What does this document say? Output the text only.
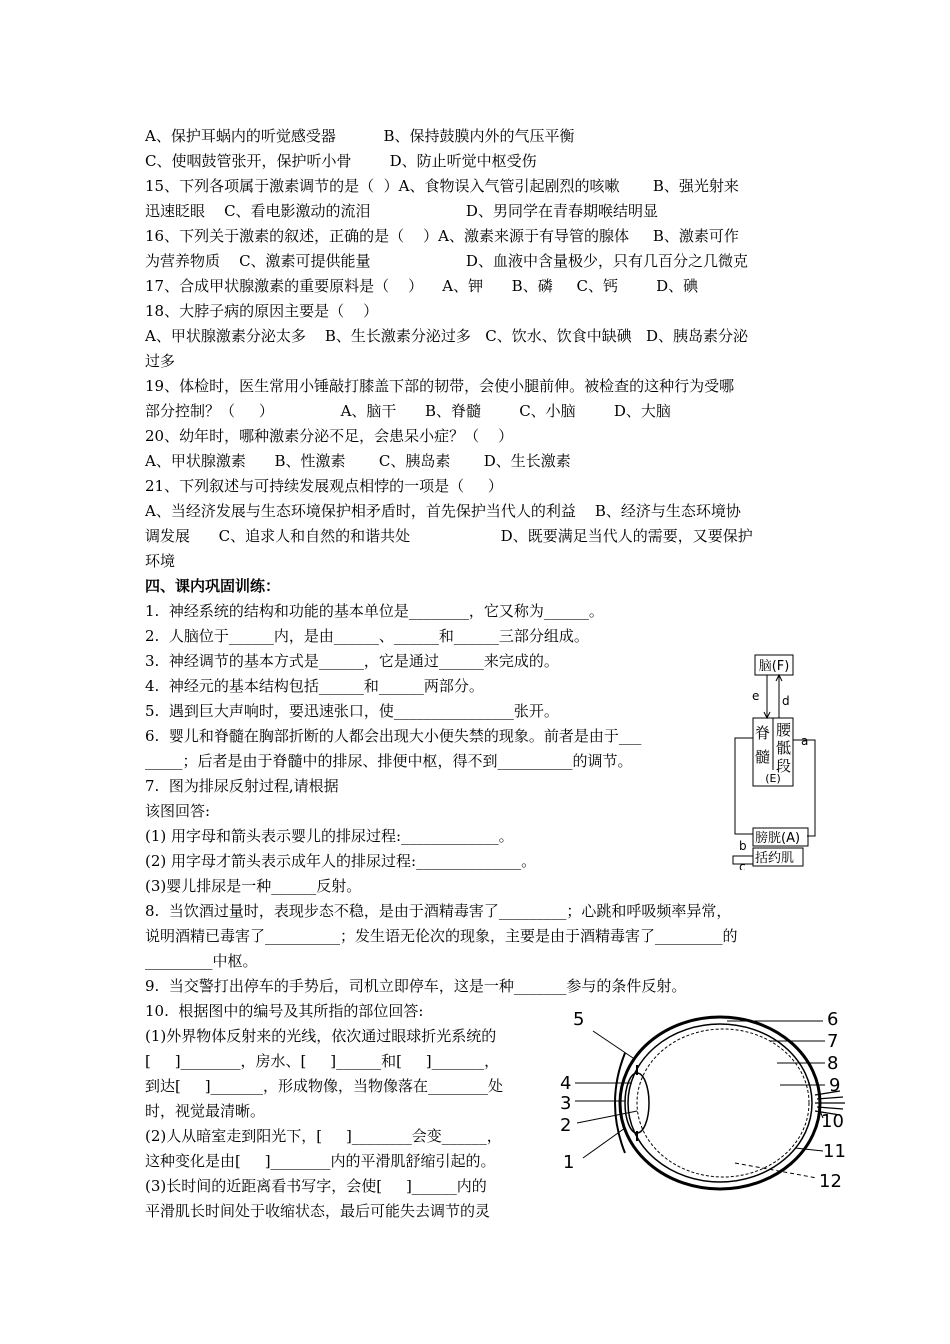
A、保护耳蜗内的听觉感受器          B、保持鼓膜内外的气压平衡
C、使咽鼓管张开，保护听小骨        D、防止听觉中枢受伤
15、下列各项属于激素调节的是（  ）A、食物误入气管引起剧烈的咳嗽       B、强光射来
迅速眨眼    C、看电影激动的流泪                    D、男同学在青春期喉结明显
16、下列关于激素的叙述，正确的是（    ）A、激素来源于有导管的腺体     B、激素可作
为营养物质    C、激素可提供能量                    D、血液中含量极少，只有几百分之几微克
17、合成甲状腺激素的重要原料是（    ）    A、钾      B、磷     C、钙        D、碘
18、大脖子病的原因主要是（    ）
A、甲状腺激素分泌太多    B、生长激素分泌过多   C、饮水、饮食中缺碘   D、胰岛素分泌
过多
19、体检时，医生常用小锤敲打膝盖下部的韧带，会使小腿前伸。被检查的这种行为受哪
部分控制？（     ）              A、脑干      B、脊髓        C、小脑        D、大脑
20、幼年时，哪种激素分泌不足，会患呆小症？（    ）
A、甲状腺激素      B、性激素       C、胰岛素       D、生长激素
21、下列叙述与可持续发展观点相悖的一项是（     ）
A、当经济发展与生态环境保护相矛盾时，首先保护当代人的利益    B、经济与生态环境协
调发展      C、追求人和自然的和谐共处                   D、既要满足当代人的需要，又要保护
环境
四、课内巩固训练：
1.  神经系统的结构和功能的基本单位是________，它又称为______。
2.  人脑位于______内，是由______、______和______三部分组成。
3.  神经调节的基本方式是______，它是通过______来完成的。
4.  神经元的基本结构包括______和______两部分。
5.  遇到巨大声响时，要迅速张口，使________________张开。
6.  婴儿和脊髓在胸部折断的人都会出现大小便失禁的现象。前者是由于___
_____；后者是由于脊髓中的排尿、排便中枢，得不到__________的调节。
7.  图为排尿反射过程,请根据
该图回答:
(1) 用字母和箭头表示婴儿的排尿过程:_____________。
(2) 用字母才箭头表示成年人的排尿过程:______________。
(3)婴儿排尿是一种______反射。
8.  当饮酒过量时，表现步态不稳，是由于酒精毒害了_________；心跳和呼吸频率异常，
说明酒精已毒害了__________；发生语无伦次的现象，主要是由于酒精毒害了_________的
_________中枢。
9.  当交警打出停车的手势后，司机立即停车，这是一种_______参与的条件反射。
10.  根据图中的编号及其所指的部位回答:
(1)外界物体反射来的光线，依次通过眼球折光系统的
[     ]________，房水、[     ]______和[     ]_______，
到达[     ]_______，形成物像，当物像落在________处
时，视觉最清晰。
(2)人从暗室走到阳光下，[     ]________会变______，
这种变化是由[     ]________内的平滑肌舒缩引起的。
(3)长时间的近距离看书写字，会使[     ]______内的
平滑肌长时间处于收缩状态，最后可能失去调节的灵
脑(F)
e d
脊
髓
腰
骶
段
(E)
a
膀胱(A)
括约肌
b
c
1
2
3
4
5	6
7
8
9
10
11
12
